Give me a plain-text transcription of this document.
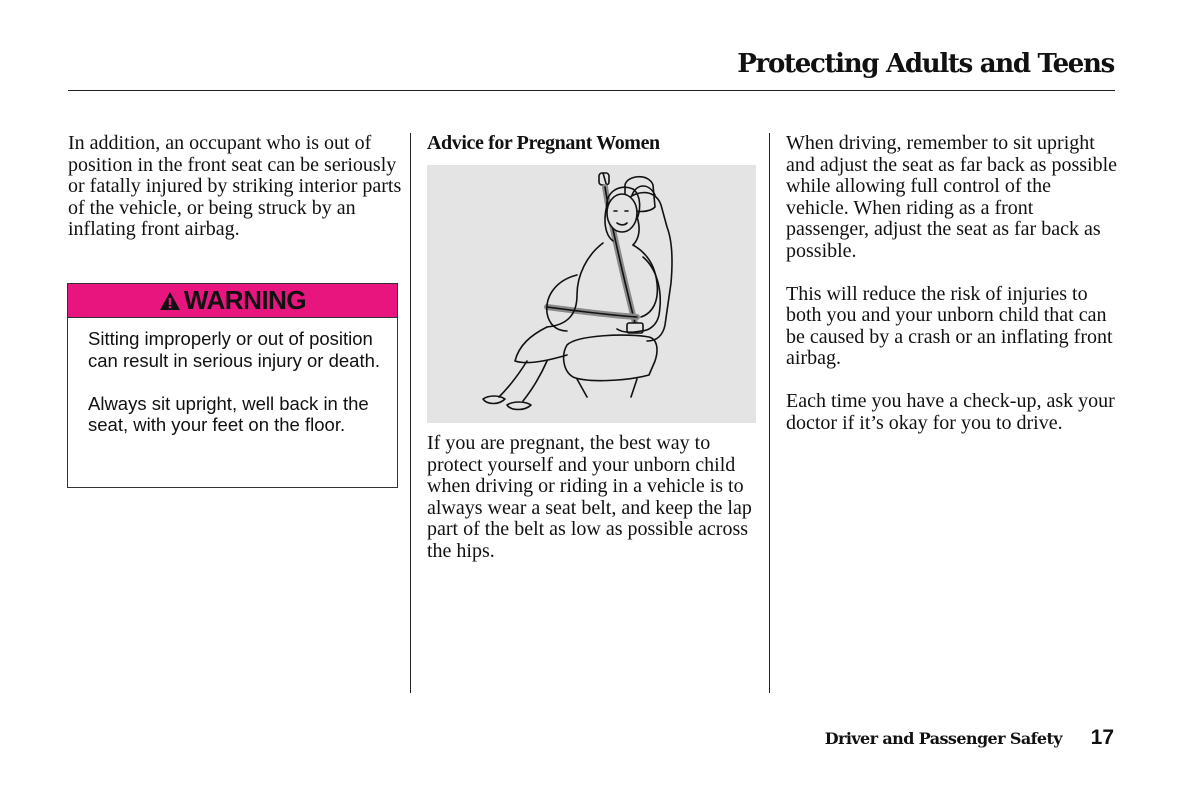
Protecting Adults and Teens

In addition, an occupant who is out of position in the front seat can be seriously or fatally injured by striking interior parts of the vehicle, or being struck by an inflating front airbag.

WARNING

Sitting improperly or out of position can result in serious injury or death.

Always sit upright, well back in the seat, with your feet on the floor.

Advice for Pregnant Women

If you are pregnant, the best way to protect yourself and your unborn child when driving or riding in a vehicle is to always wear a seat belt, and keep the lap part of the belt as low as possible across the hips.

When driving, remember to sit upright and adjust the seat as far back as possible while allowing full control of the vehicle. When riding as a front passenger, adjust the seat as far back as possible.

This will reduce the risk of injuries to both you and your unborn child that can be caused by a crash or an inflating front airbag.

Each time you have a check-up, ask your doctor if it’s okay for you to drive.

Driver and Passenger Safety 17
